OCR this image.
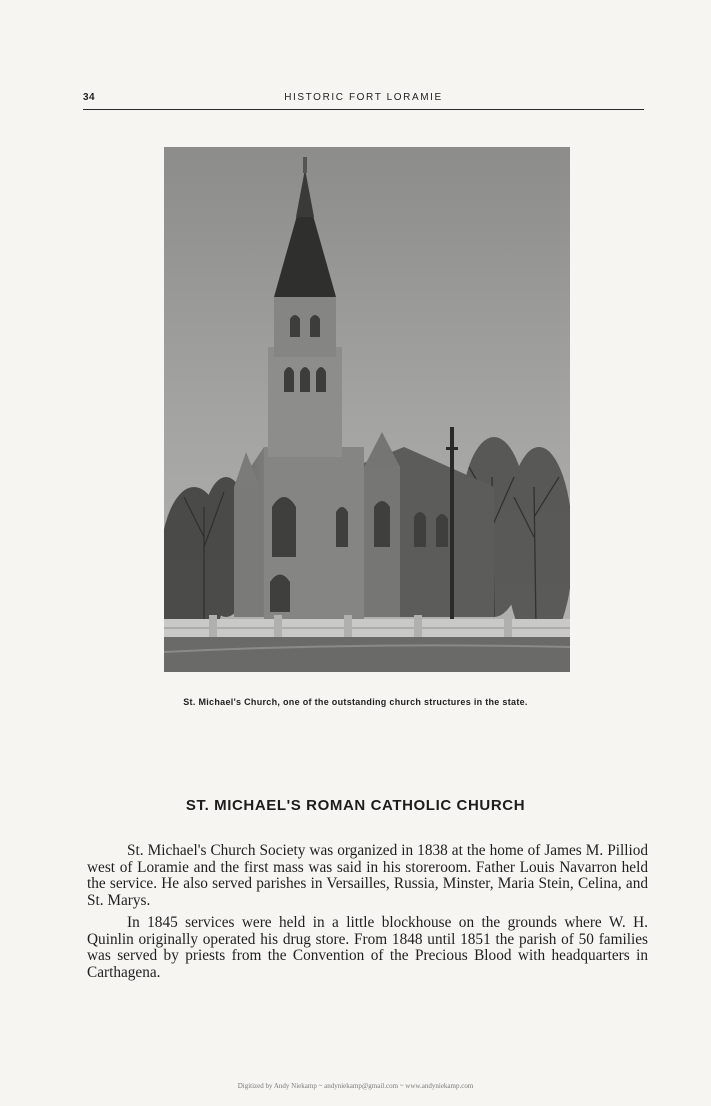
34	HISTORIC FORT LORAMIE
St. Michael's Church, one of the outstanding church structures in the state.
ST. MICHAEL'S ROMAN CATHOLIC CHURCH

St. Michael's Church Society was organized in 1838 at the home of James M. Pilliod west of Loramie and the first mass was said in his storeroom. Father Louis Navarron held the service. He also served parishes in Versailles, Russia, Minster, Maria Stein, Celina, and St. Marys.

In 1845 services were held in a little blockhouse on the grounds where W. H. Quinlin originally operated his drug store. From 1848 until 1851 the parish of 50 families was served by priests from the Convention of the Precious Blood with headquarters in Carthagena.

Digitized by Andy Niekamp ~ andyniekamp@gmail.com ~ www.andyniekamp.com
